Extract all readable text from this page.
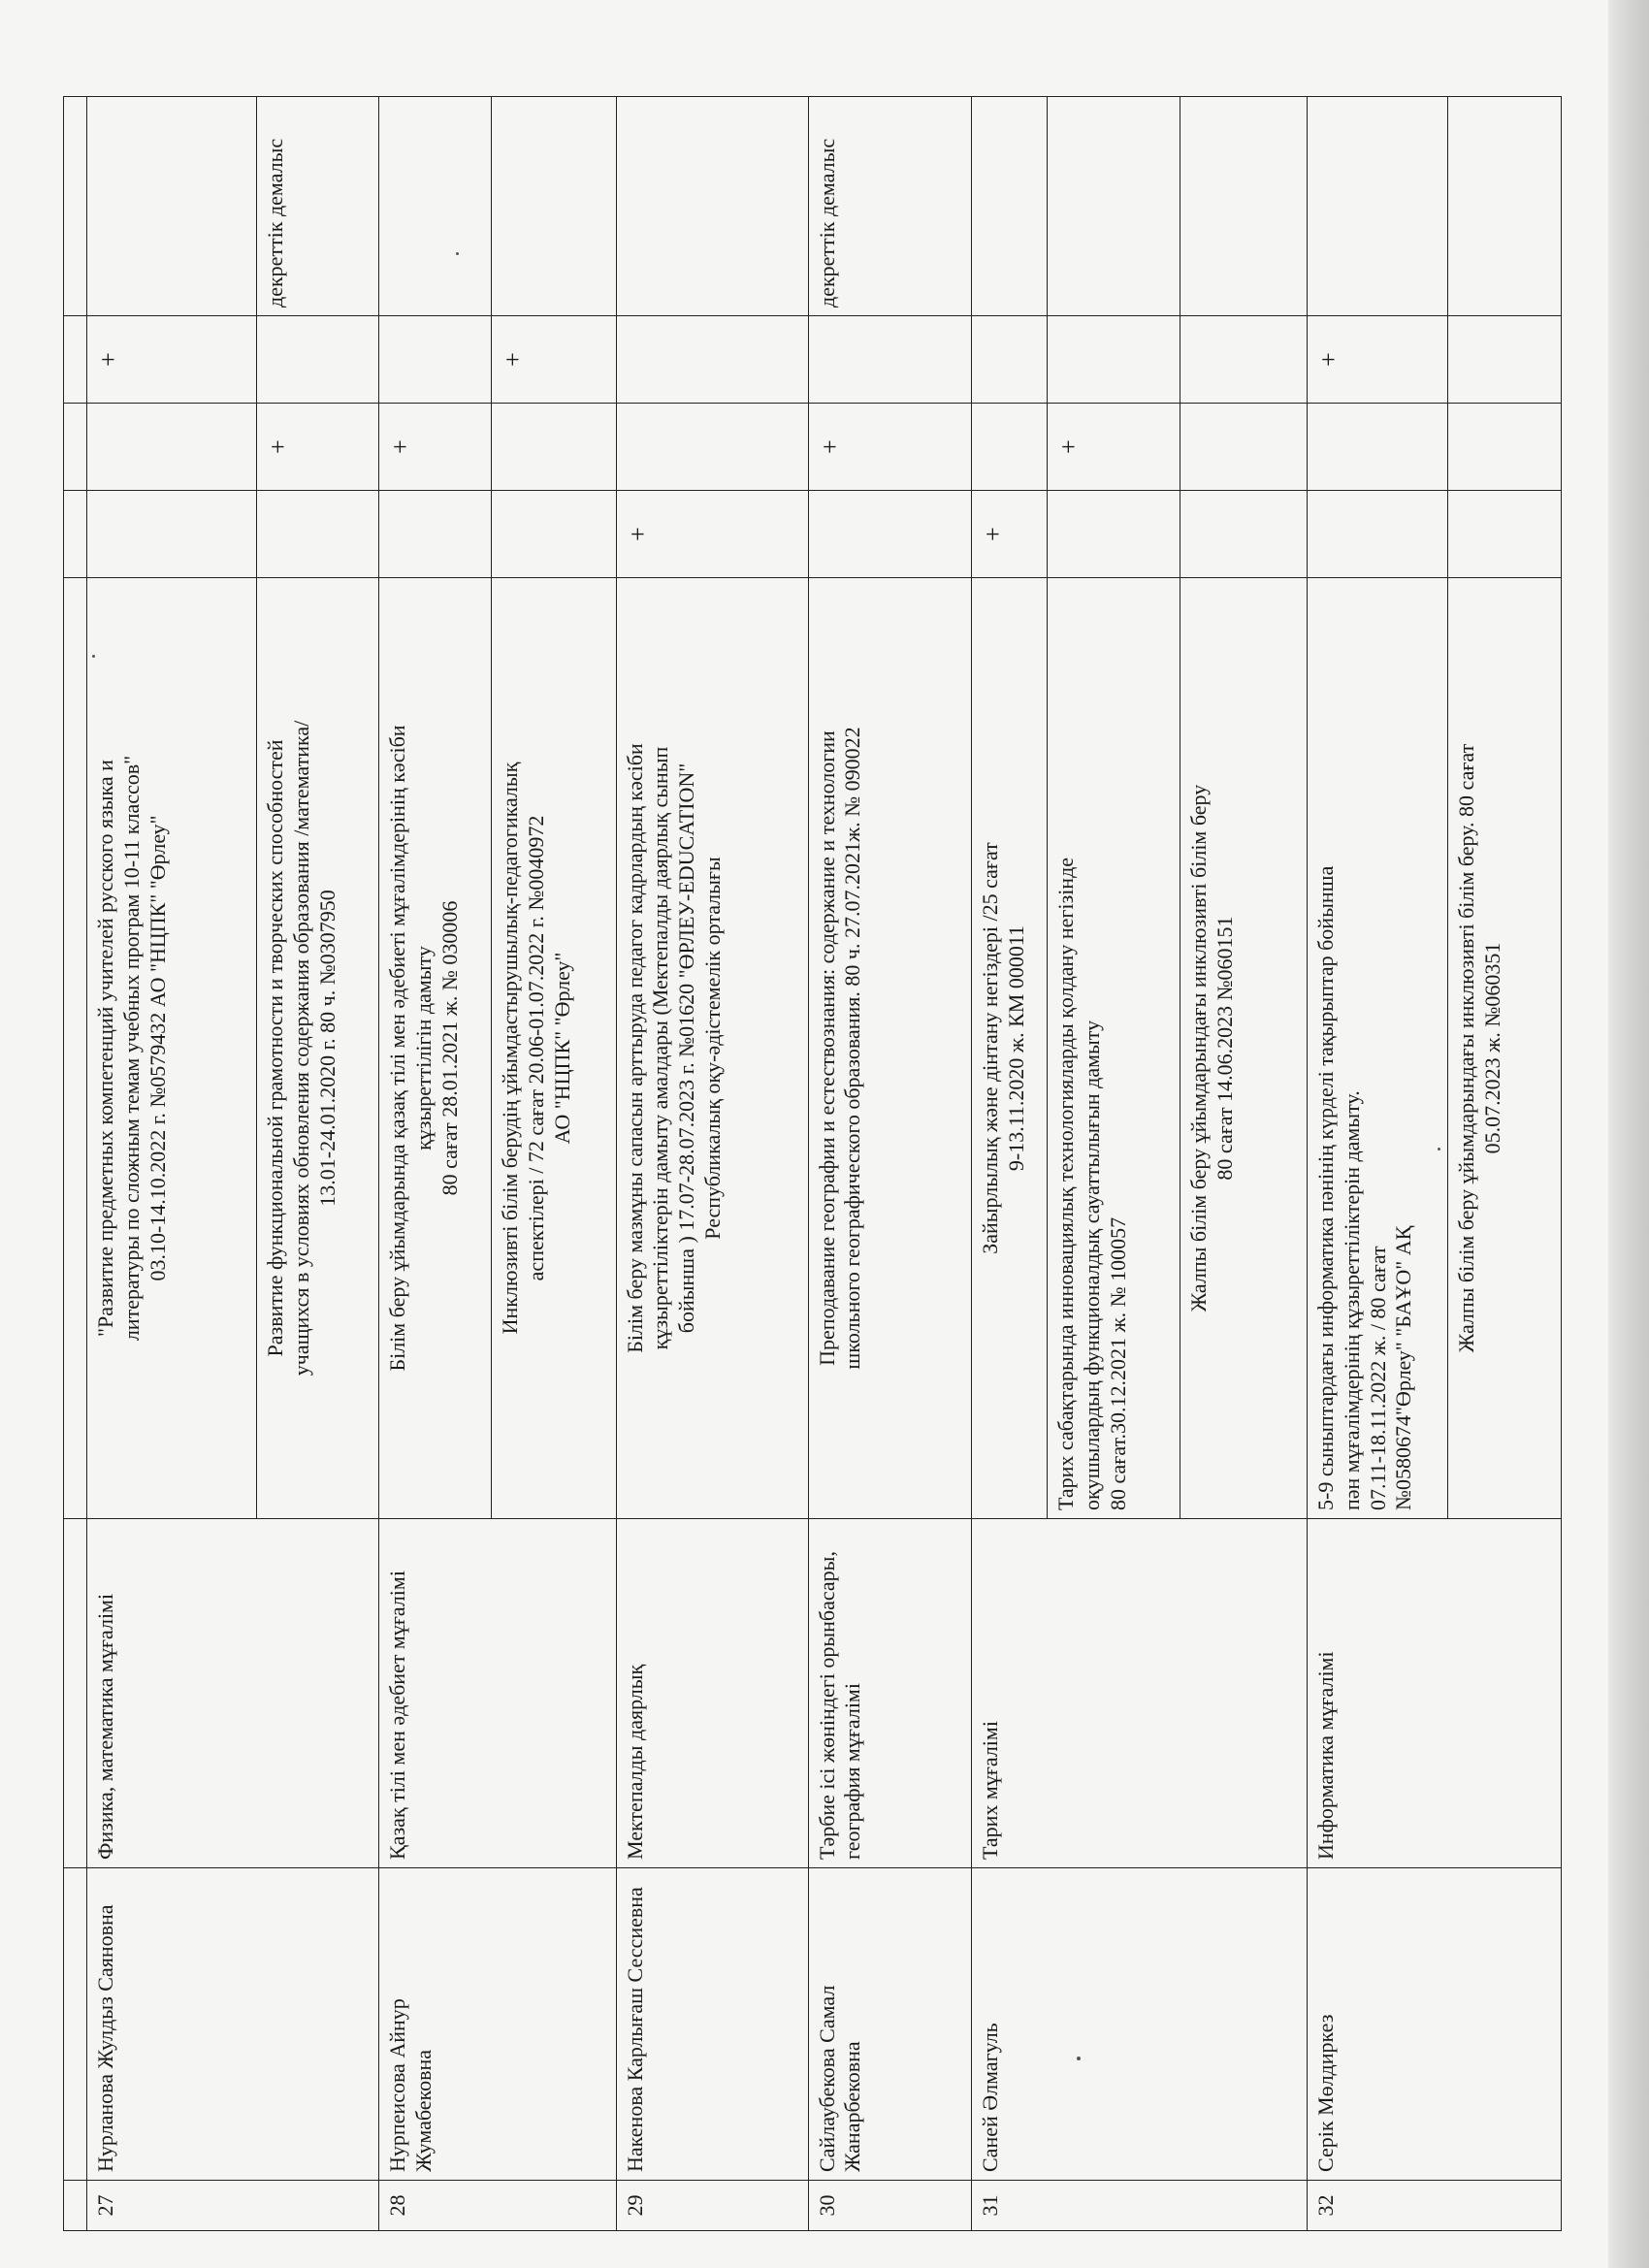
27	Нурланова Жулдыз Саяновна	Физика, математика мұғалімі	"Развитие предметных компетенций учителей русского языка и литературы по сложным темам учебных програм 10-11 классов" 03.10-14.10.2022 г. №0579432 АО "НЦПК" "Өрлеу"			+	

			Развитие функциональной грамотности и творческих способностей учащихся в условиях обновления содержания образования /математика/ 13.01-24.01.2020 г. 80 ч. №0307950		+		декреттік демалыс
28	Нурпеисова Айнур Жумабековна	Қазақ тілі мен әдебиет мұғалімі	Білім беру ұйымдарында қазақ тілі мен әдебиеті мұғалімдерінің кәсіби құзыреттілігін дамыту 80 сағат 28.01.2021 ж. № 030006		+		

			Инклюзивті білім берудің ұйымдастырушылық-педагогикалық аспектілері / 72 сағат 20.06-01.07.2022 г. №0040972 АО "НЦПК" "Өрлеу"			+	
29	Накенова Карлығаш Сессиевна	Мектепалды даярлық	Білім беру мазмұны сапасын арттыруда педагог кадрлардың кәсіби құзыреттіліктерін дамыту амалдары (Мектепалды даярлық сынып бойынша ) 17.07-28.07.2023 г. №01620 "ӨРЛЕУ-EDUCATION" Республикалық оқу-әдістемелік орталығы	+			
30	Сайлаубекова Самал Жанарбековна	Тәрбие ісі жөніндегі орынбасары, география мұғалімі	Преподавание географии и естествознания: содержание и технологии школьного географического образования. 80 ч. 27.07.2021ж. № 090022		+		декреттік демалыс
31	Саней Әлмагуль	Тарих мұғалімі	Зайырлылық және дінтану негіздері /25 сағат 9-13.11.2020 ж. КМ 000011	+			

			Тарих сабақтарында инновациялық технологияларды қолдану негізінде оқушылардың функционалдық сауаттылығын дамыту 80 сағат.30.12.2021 ж. № 100057		+		

			Жалпы білім беру ұйымдарындағы инклюзивті білім беру 80 сағат 14.06.2023 №060151				

32	Серік Мөлдиркез	Информатика мұғалімі	5-9 сыныптардағы информатика пәнінің күрделі тақырыптар бойынша пән мұғалімдерінің құзыреттіліктерін дамыту. 07.11-18.11.2022 ж. / 80 сағат №0580674"Өрлеу" "БАҰО" АҚ			+	

			Жалпы білім беру ұйымдарындағы инклюзивті білім беру. 80 сағат 05.07.2023 ж. №060351				
